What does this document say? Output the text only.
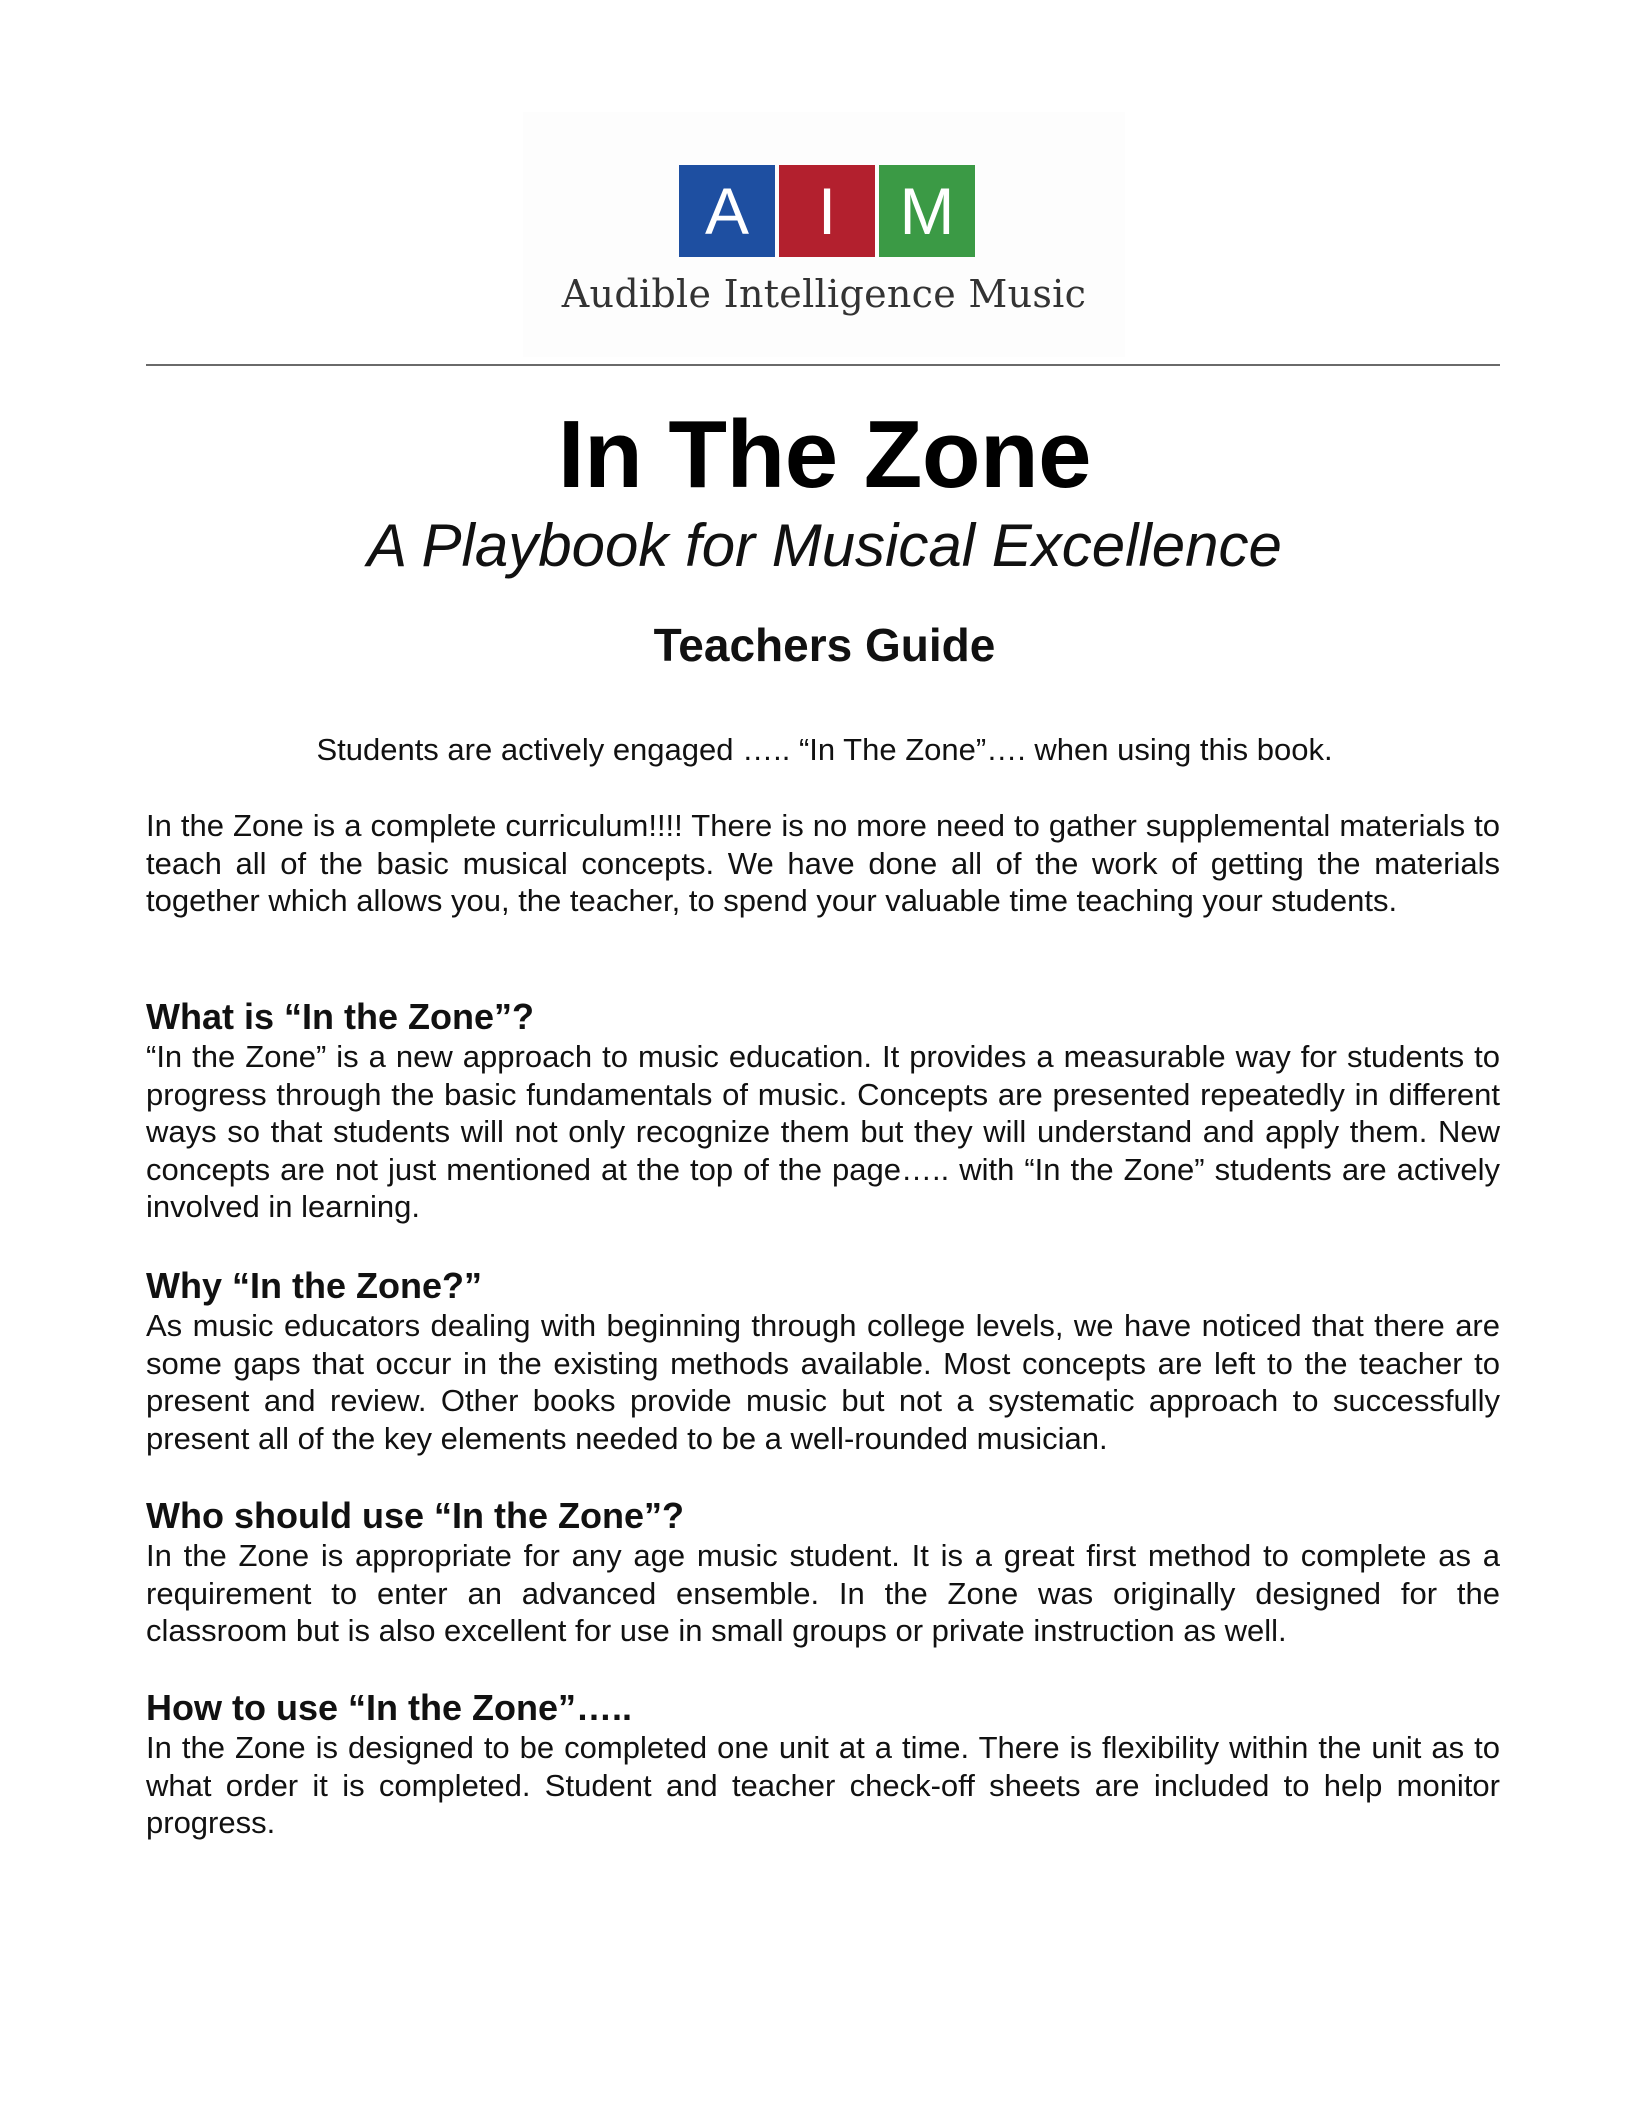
A	I M
Audible Intelligence Music
In The Zone
A Playbook for Musical Excellence
Teachers Guide
Students are actively engaged ….. “In The Zone”…. when using this book.

In the Zone is a complete curriculum!!!! There is no more need to gather supplemental materials to teach all of the basic musical concepts. We have done all of the work of getting the materials together which allows you, the teacher, to spend your valuable time teaching your students.

What is “In the Zone”?

“In the Zone” is a new approach to music education. It provides a measurable way for students to progress through the basic fundamentals of music. Concepts are presented repeatedly in different ways so that students will not only recognize them but they will understand and apply them. New concepts are not just mentioned at the top of the page….. with “In the Zone” students are actively involved in learning.

Why “In the Zone?”

As music educators dealing with beginning through college levels, we have noticed that there are some gaps that occur in the existing methods available. Most concepts are left to the teacher to present and review. Other books provide music but not a systematic approach to successfully present all of the key elements needed to be a well-rounded musician.

Who should use “In the Zone”?

In the Zone is appropriate for any age music student. It is a great first method to complete as a requirement to enter an advanced ensemble. In the Zone was originally designed for the classroom but is also excellent for use in small groups or private instruction as well.

How to use “In the Zone”…..

In the Zone is designed to be completed one unit at a time. There is flexibility within the unit as to what order it is completed. Student and teacher check-off sheets are included to help monitor progress.
